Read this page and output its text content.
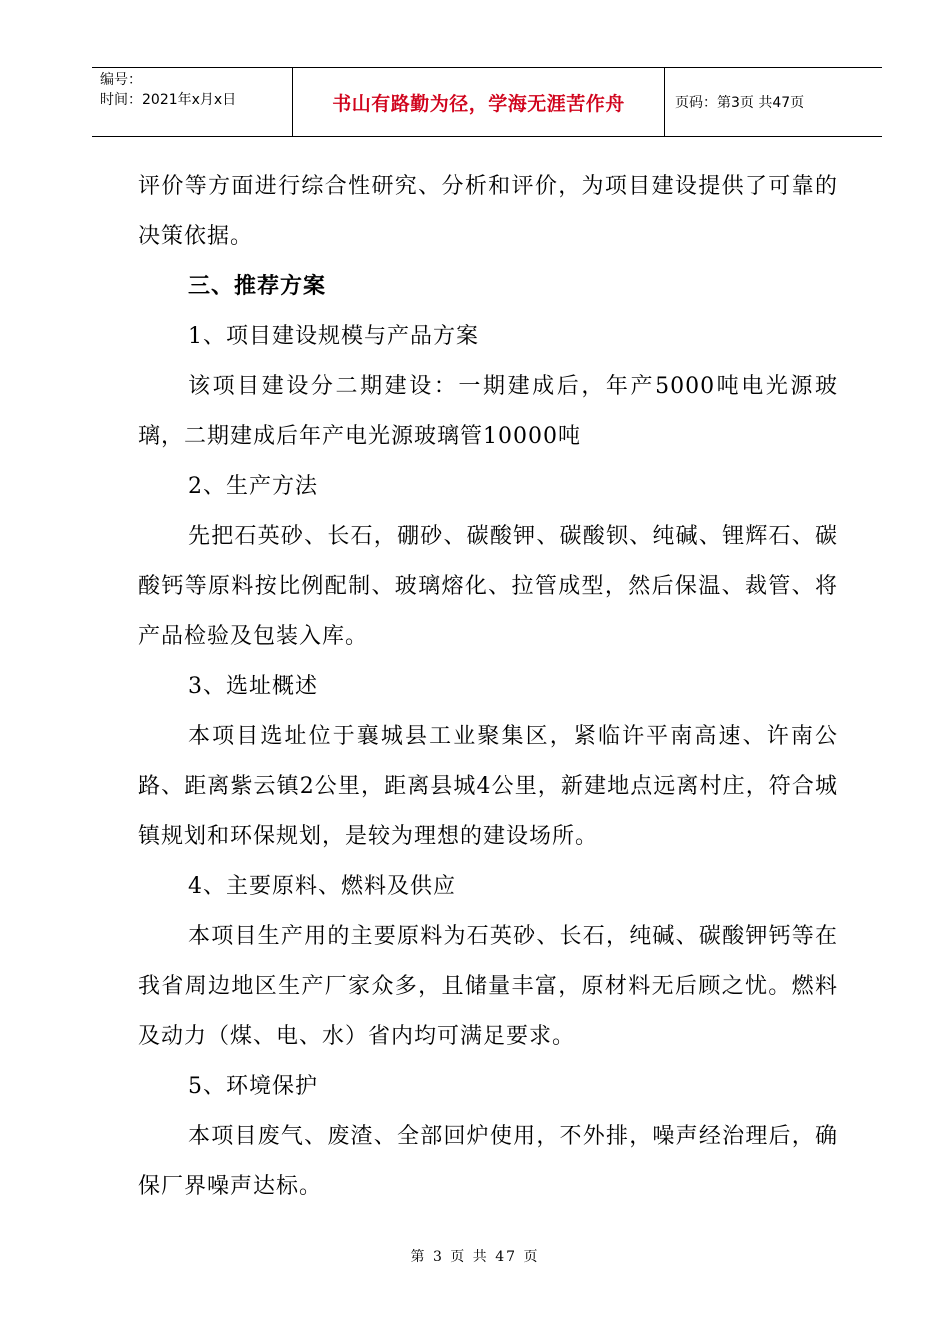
编号：
时间：2021年x月x日	书山有路勤为径，学海无涯苦作舟	页码：第3页 共47页

评价等方面进行综合性研究、分析和评价，为项目建设提供了可靠的决策依据。

三、推荐方案

1、项目建设规模与产品方案

该项目建设分二期建设：一期建成后，年产5000吨电光源玻璃，二期建成后年产电光源玻璃管10000吨

2、生产方法

先把石英砂、长石，硼砂、碳酸钾、碳酸钡、纯碱、锂辉石、碳酸钙等原料按比例配制、玻璃熔化、拉管成型，然后保温、裁管、将产品检验及包装入库。

3、选址概述

本项目选址位于襄城县工业聚集区，紧临许平南高速、许南公路、距离紫云镇2公里，距离县城4公里，新建地点远离村庄，符合城镇规划和环保规划，是较为理想的建设场所。

4、主要原料、燃料及供应

本项目生产用的主要原料为石英砂、长石，纯碱、碳酸钾钙等在我省周边地区生产厂家众多，且储量丰富，原材料无后顾之忧。燃料及动力（煤、电、水）省内均可满足要求。

5、环境保护

本项目废气、废渣、全部回炉使用，不外排，噪声经治理后，确保厂界噪声达标。

第 3 页 共 47 页
